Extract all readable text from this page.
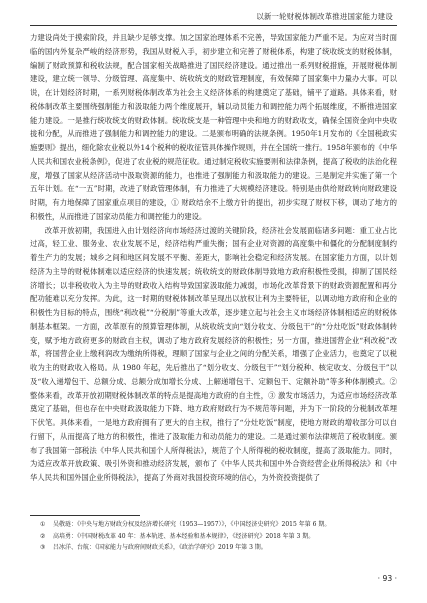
以新一轮财税体制改革推进国家能力建设

力建设尚处于摸索阶段，并且缺少足够支撑。加之国家治理体系不完善，导致国家能力严重不足。为应对当时面临的国内外复杂严峻的经济形势，我国从财税入手，初步建立和完善了财税体系，构建了统收统支的财税体制，编制了财政预算和税收法规，配合国家相关战略推进了国民经济建设。通过推出一系列财税措施，开展财税体制建设，建立统一领导、分级管理、高度集中、统收统支的财政管理制度，有效保障了国家集中力量办大事。可以说，在计划经济时期，一系列财税体制改革为社会主义经济体系的构建奠定了基础，铺平了道路。具体来看，财税体制改革主要围绕强制能力和汲取能力两个维度展开，辅以动员能力和调控能力两个拓展维度，不断推进国家能力建设。一是推行统收统支的财政体制。统收统支是一种管理中央和地方的财政收支，确保全国资金向中央收拢和分配，从而推进了强制能力和调控能力的建设。二是颁布明确的法规条例。1950年1月发布的《全国税政实施要则》提出，细化除农业税以外14个税种的税收征管具体操作规则，并在全国统一推行。1958年颁布的《中华人民共和国农业税条例》，促进了农业税的规范征收。通过制定税收实施要则和法律条例，提高了税收的法治化程度，增强了国家从经济活动中汲取资源的能力，也推进了强制能力和汲取能力的建设。三是制定并实施了第一个五年计划。在“一五”时期，改进了财政管理体制，有力推进了大规模经济建设。特别是由供给财政转向财政建设时期，有力地保障了国家重点项目的建设，① 财政结余不上缴方针的提出，初步实现了财权下移，调动了地方的积极性，从而推进了国家动员能力和调控能力的建设。

改革开放初期，我国进入由计划经济向市场经济过渡的关键阶段，经济社会发展面临诸多问题：重工业占比过高，轻工业、服务业、农业发展不足，经济结构严重失衡；国有企业对资源的高度集中和僵化的分配制度制约着生产力的发展；城乡之间和地区间发展不平衡、差距大，影响社会稳定和经济发展。在国家能力方面，以计划经济为主导的财税体制难以适应经济的快速发展；统收统支的财政体制导致地方政府积极性受损，抑制了国民经济增长；以非税收收入为主导的财政收入结构导致国家汲取能力减弱，市场化改革背景下的财政资源配置和再分配功能难以充分发挥。为此，这一时期的财税体制改革呈现出以放权让利为主要特征，以调动地方政府和企业的积极性为目标的特点，围绕“利改税”“分税制”等重大改革，逐步建立起与社会主义市场经济体制相适应的财税体制基本框架。一方面，改革原有的预算管理体制，从统收统支向“划分收支、分级包干”的“分灶吃饭”财政体制转变，赋予地方政府更多的财政自主权，调动了地方政府发展经济的积极性；另一方面，推进国营企业“利改税”改革，将国营企业上缴利润改为缴纳所得税，理顺了国家与企业之间的分配关系，增强了企业活力，也奠定了以税收为主的财政收入格局。从 1980 年起，先后推出了“划分收支、分级包干”“划分税种、核定收支、分级包干”以及“收入递增包干、总额分成、总额分成加增长分成、上解递增包干、定额包干、定额补助”等多种体制模式。② 整体来看，改革开放初期财税体制改革的特点是提高地方政府的自主性，③ 激发市场活力，为适应市场经济改革奠定了基础，但也存在中央财政汲取能力下降、地方政府财政行为不规范等问题，并为下一阶段的分税制改革埋下伏笔。具体来看，一是地方政府拥有了更大的自主权，推行了“分灶吃饭”制度，使地方财政的增收部分可以自行留下，从而提高了地方的积极性，推进了汲取能力和动员能力的建设。二是通过颁布法律规范了税收制度。颁布了我国第一部税法《中华人民共和国个人所得税法》，规范了个人所得税的税收制度，提高了汲取能力。同时，为适应改革开放政策、吸引外资和推动经济发展，颁布了《中华人民共和国中外合资经营企业所得税法》和《中华人民共和国外国企业所得税法》，提高了外商对我国投资环境的信心，为外资投资提供了

①	吴敬琏：《中央与地方财政分权及经济增长研究（1953—1957）》，《中国经济史研究》2015 年第 6 期。
②	高培勇：《中国财税改革 40 年：基本轨迹、基本经验和基本规律》，《经济研究》2018 年第 3 期。
③	吕冰洋、台航：《国家能力与政府间财政关系》，《政治学研究》2019 年第 3 期。
· 93 ·
